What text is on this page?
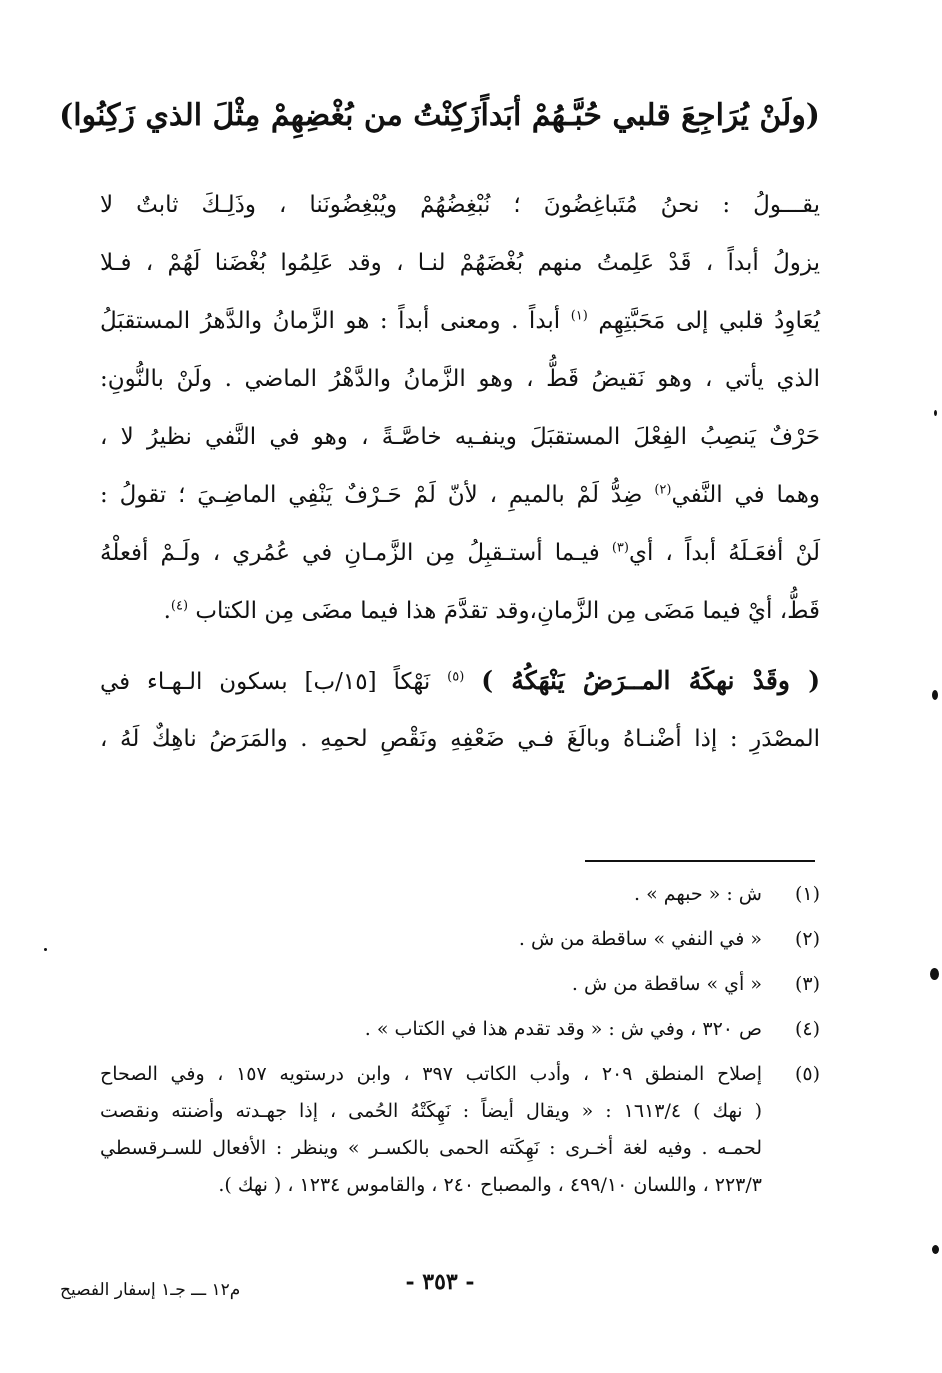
(ولَنْ يُرَاجِعَ قلبي حُبَّـهُمْ أبَداً
زَكِنْتُ من بُغْضِهِمْ مِثْلَ الذي زَكِنُوا)
يقـــولُ : نحنُ مُتَباغِضُونَ ؛ نُبْغِضُهُمْ ويُبْغِضُونَنا ، وذَلِـكَ ثابتٌ لا
يزولُ أبداً ، قَدْ عَلِمتُ منهم بُغْضَهُمْ لنـا ، وقد عَلِمُوا بُغْضَنا لَهُمْ ، فـلا
يُعَاوِدُ قلبي إلى مَحَبَّتِهِم $^{(١)}$ أبداً . ومعنى أبداً : هو الزَّمانُ والدَّهرُ المستقبَلُ
الذي يأتي ، وهو نَقيضُ قَطُّ ، وهو الزَّمانُ والدَّهْرُ الماضي . ولَنْ بالنُّونِ:
حَرْفٌ يَنصِبُ الفِعْلَ المستقبَلَ وينفـيه خاصَّـةً ، وهو في النَّفي نظيرُ لا ،
وهما في النَّفي$^{(٢)}$ ضِدُّ لَمْ بالميمِ ، لأنّ لَمْ حَـرْفٌ يَنْفِي الماضِـيَ ؛ تقولُ :
لَنْ أفعَـلَهُ أبداً ، أي$^{(٣)}$ فيـما أستـقبِلُ مِن الزَّمـانِ في عُمُري ، ولَـمْ أفعلْهُ
قَطُّ، أيْ فيما مَضَى مِن الزَّمانِ،وقد تقدَّمَ هذا فيما مضَى مِن الكتاب $^{(٤)}$.
( وقَدْ نهكَهُ المــرَضُ يَنْهَكُهُ ) $^{(٥)}$ نَهْكاً [١٥/ب] بسكون الـهـاء في
المصْدَرِ : إذا أضْنـاهُ وبالَغَ فـي ضَعْفِهِ ونَقْصِ لحمِهِ . والمَرَضُ ناهِكٌ لَهُ ،
(١)
ش : « حبهم » .
(٢)
« في النفي » ساقطة من ش .
(٣)
« أي » ساقطة من ش .
(٤)
ص ٣٢٠ ، وفي ش : « وقد تقدم هذا في الكتاب » .
(٥)
إصلاح المنطق ٢٠٩ ، وأدب الكاتب ٣٩٧ ، وابن درستويه ١٥٧ ، وفي الصحاح
( نهك ) ١٦١٣/٤ : « ويقال أيضاً : نَهِكَتْهُ الحُمى ، إذا جهـدته وأضنته ونقصت
لحمـه . وفيه لغة أخـرى : نَهِكَته الحمى بالكسـر » وينظر : الأفعال للسـرقسطي
٢٢٣/٣ ، واللسان ٤٩٩/١٠ ، والمصباح ٢٤٠ ، والقاموس ١٢٣٤ ، ( نهك ).
- ٣٥٣ -
م١٢ ـــ جـ١ إسفار الفصيح
